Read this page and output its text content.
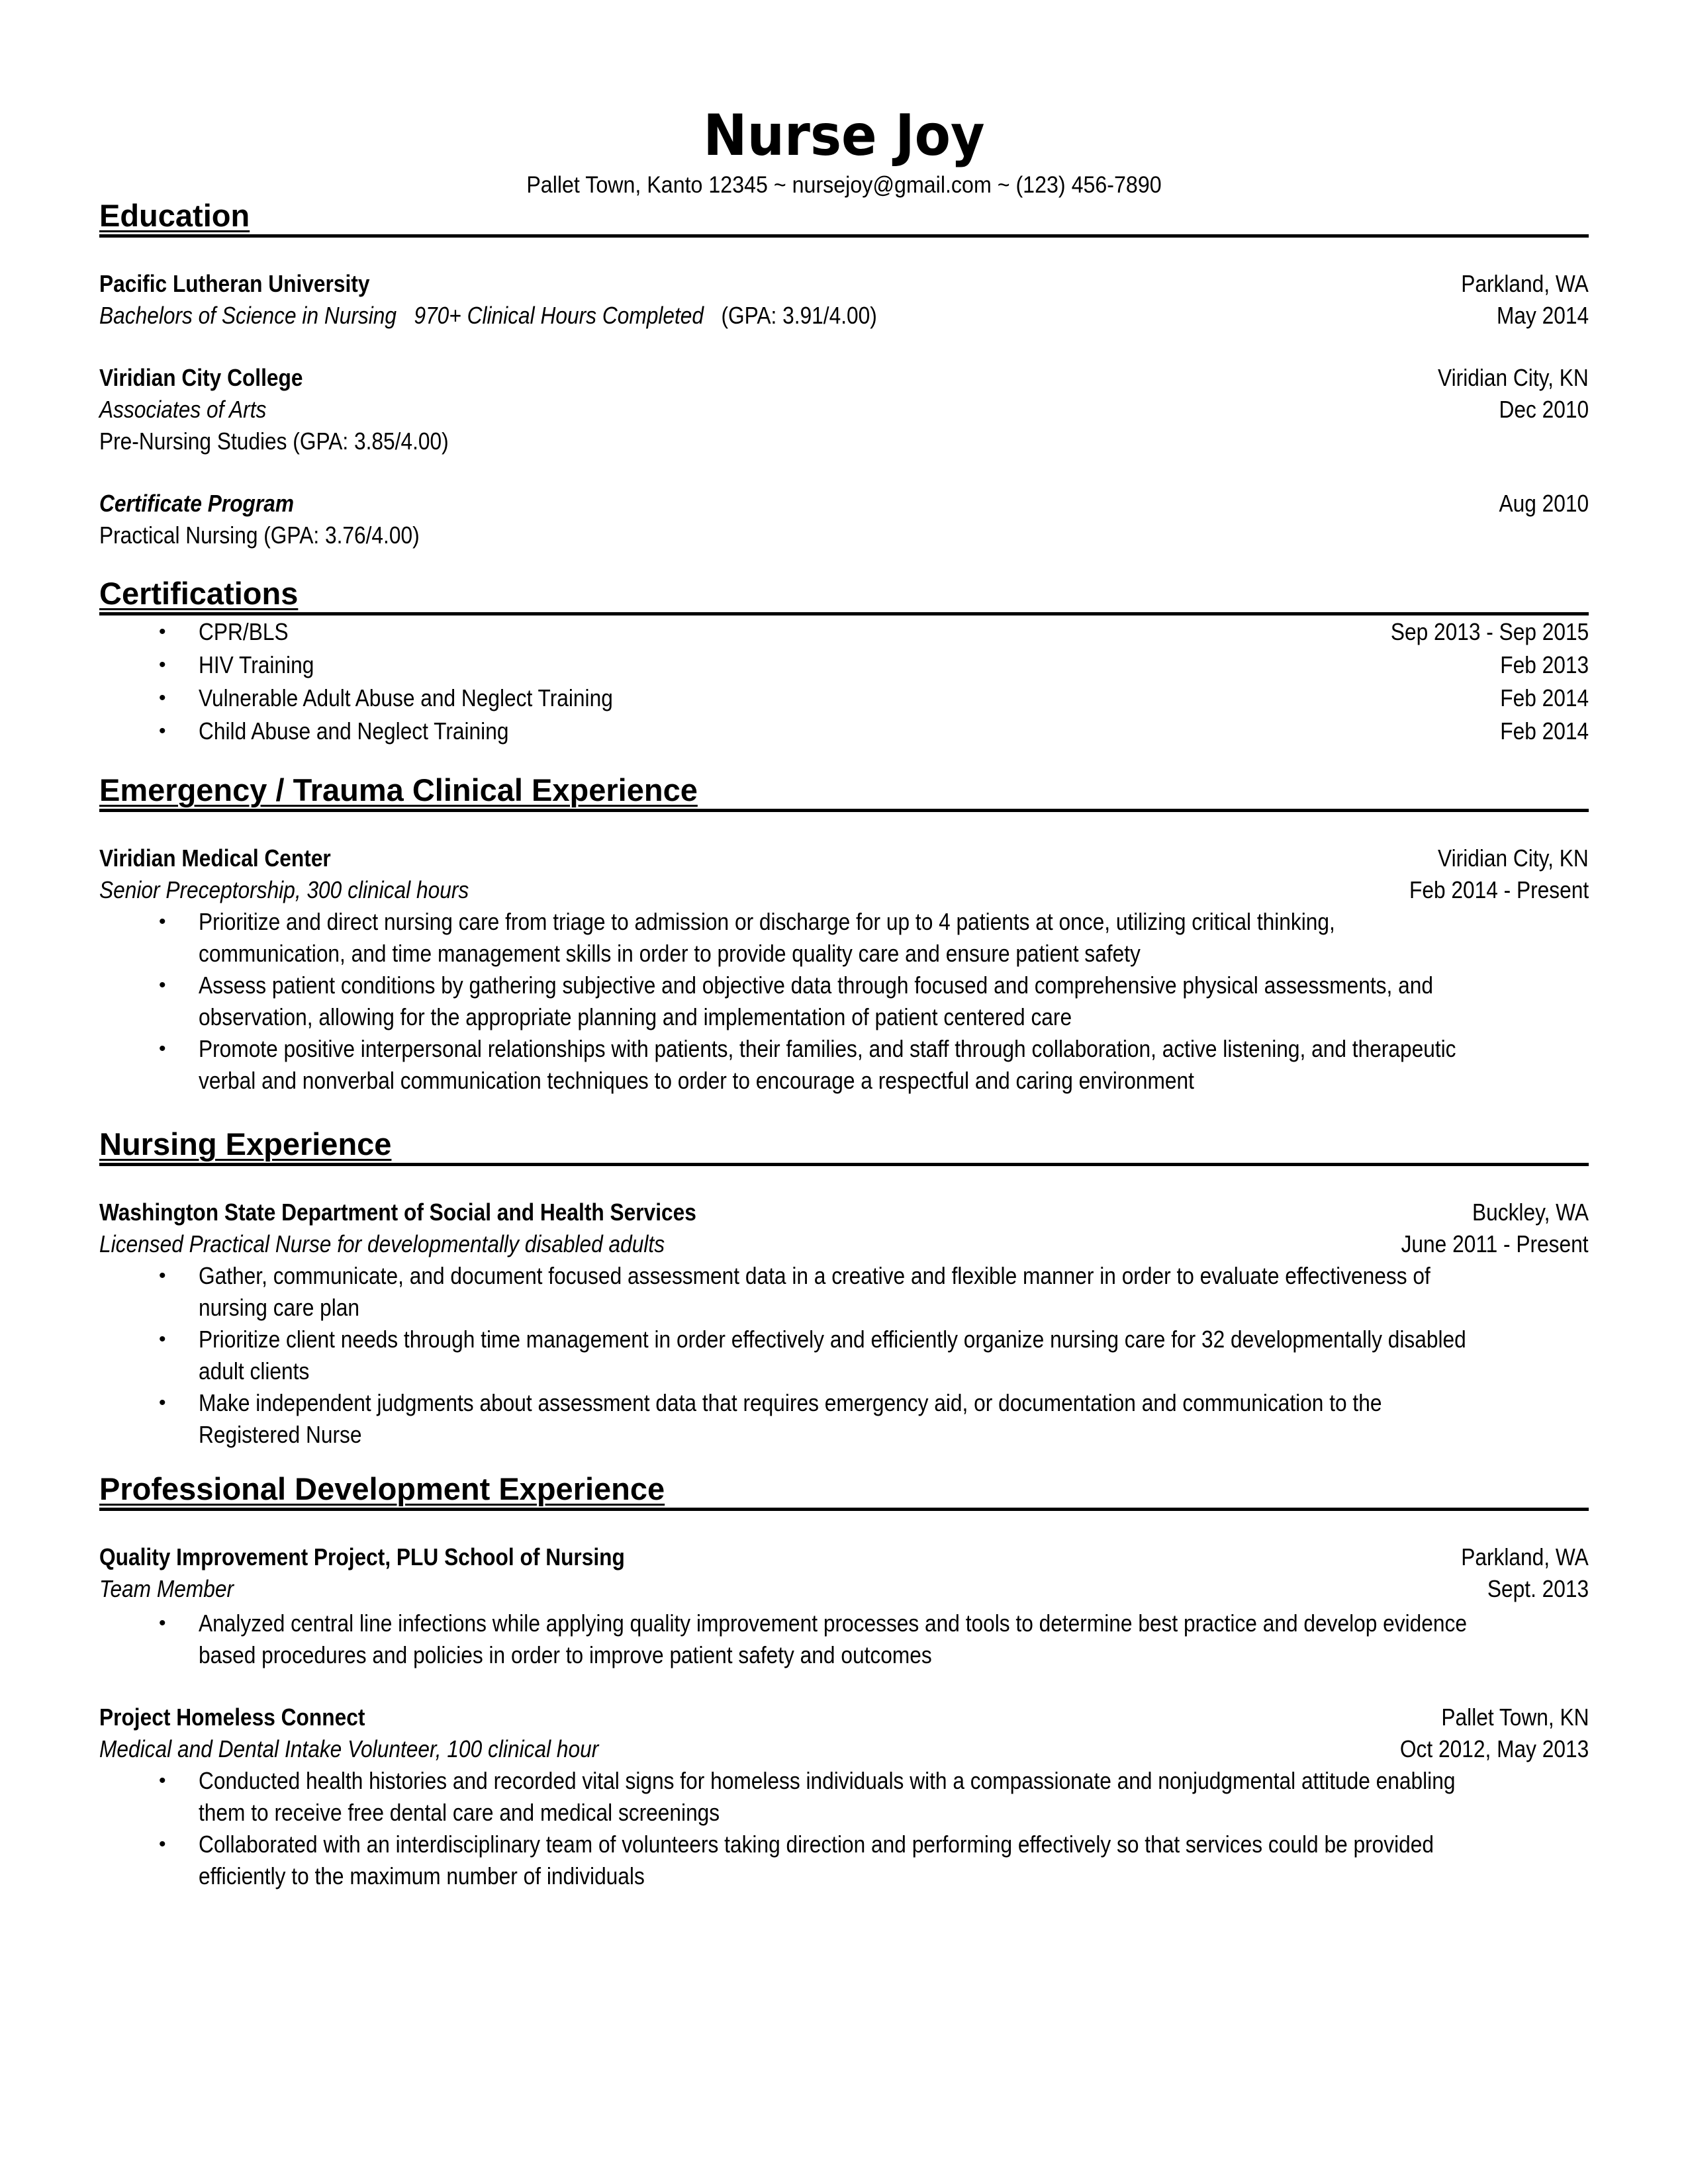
Nurse Joy
Pallet Town, Kanto 12345 ~ nursejoy@gmail.com ~ (123) 456-7890
Education
Pacific Lutheran University	Parkland, WA
Bachelors of Science in Nursing 970+ Clinical Hours Completed (GPA: 3.91/4.00)	May 2014
Viridian City College	Viridian City, KN
Associates of Arts	Dec 2010
Pre-Nursing Studies (GPA: 3.85/4.00)
Certificate Program	Aug 2010
Practical Nursing (GPA: 3.76/4.00)
Certifications
• CPR/BLS	Sep 2013 - Sep 2015
• HIV Training	Feb 2013
• Vulnerable Adult Abuse and Neglect Training	Feb 2014
• Child Abuse and Neglect Training	Feb 2014
Emergency / Trauma Clinical Experience
Viridian Medical Center	Viridian City, KN
Senior Preceptorship, 300 clinical hours	Feb 2014 - Present
• Prioritize and direct nursing care from triage to admission or discharge for up to 4 patients at once, utilizing critical thinking,
communication, and time management skills in order to provide quality care and ensure patient safety
• Assess patient conditions by gathering subjective and objective data through focused and comprehensive physical assessments, and
observation, allowing for the appropriate planning and implementation of patient centered care
• Promote positive interpersonal relationships with patients, their families, and staff through collaboration, active listening, and therapeutic
verbal and nonverbal communication techniques to order to encourage a respectful and caring environment
Nursing Experience
Washington State Department of Social and Health Services	Buckley, WA
Licensed Practical Nurse for developmentally disabled adults	June 2011 - Present
• Gather, communicate, and document focused assessment data in a creative and flexible manner in order to evaluate effectiveness of
nursing care plan
• Prioritize client needs through time management in order effectively and efficiently organize nursing care for 32 developmentally disabled
adult clients
• Make independent judgments about assessment data that requires emergency aid, or documentation and communication to the
Registered Nurse
Professional Development Experience
Quality Improvement Project, PLU School of Nursing	Parkland, WA
Team Member	Sept. 2013
• Analyzed central line infections while applying quality improvement processes and tools to determine best practice and develop evidence
based procedures and policies in order to improve patient safety and outcomes
Project Homeless Connect	Pallet Town, KN
Medical and Dental Intake Volunteer, 100 clinical hour	Oct 2012, May 2013
• Conducted health histories and recorded vital signs for homeless individuals with a compassionate and nonjudgmental attitude enabling
them to receive free dental care and medical screenings
• Collaborated with an interdisciplinary team of volunteers taking direction and performing effectively so that services could be provided
efficiently to the maximum number of individuals
